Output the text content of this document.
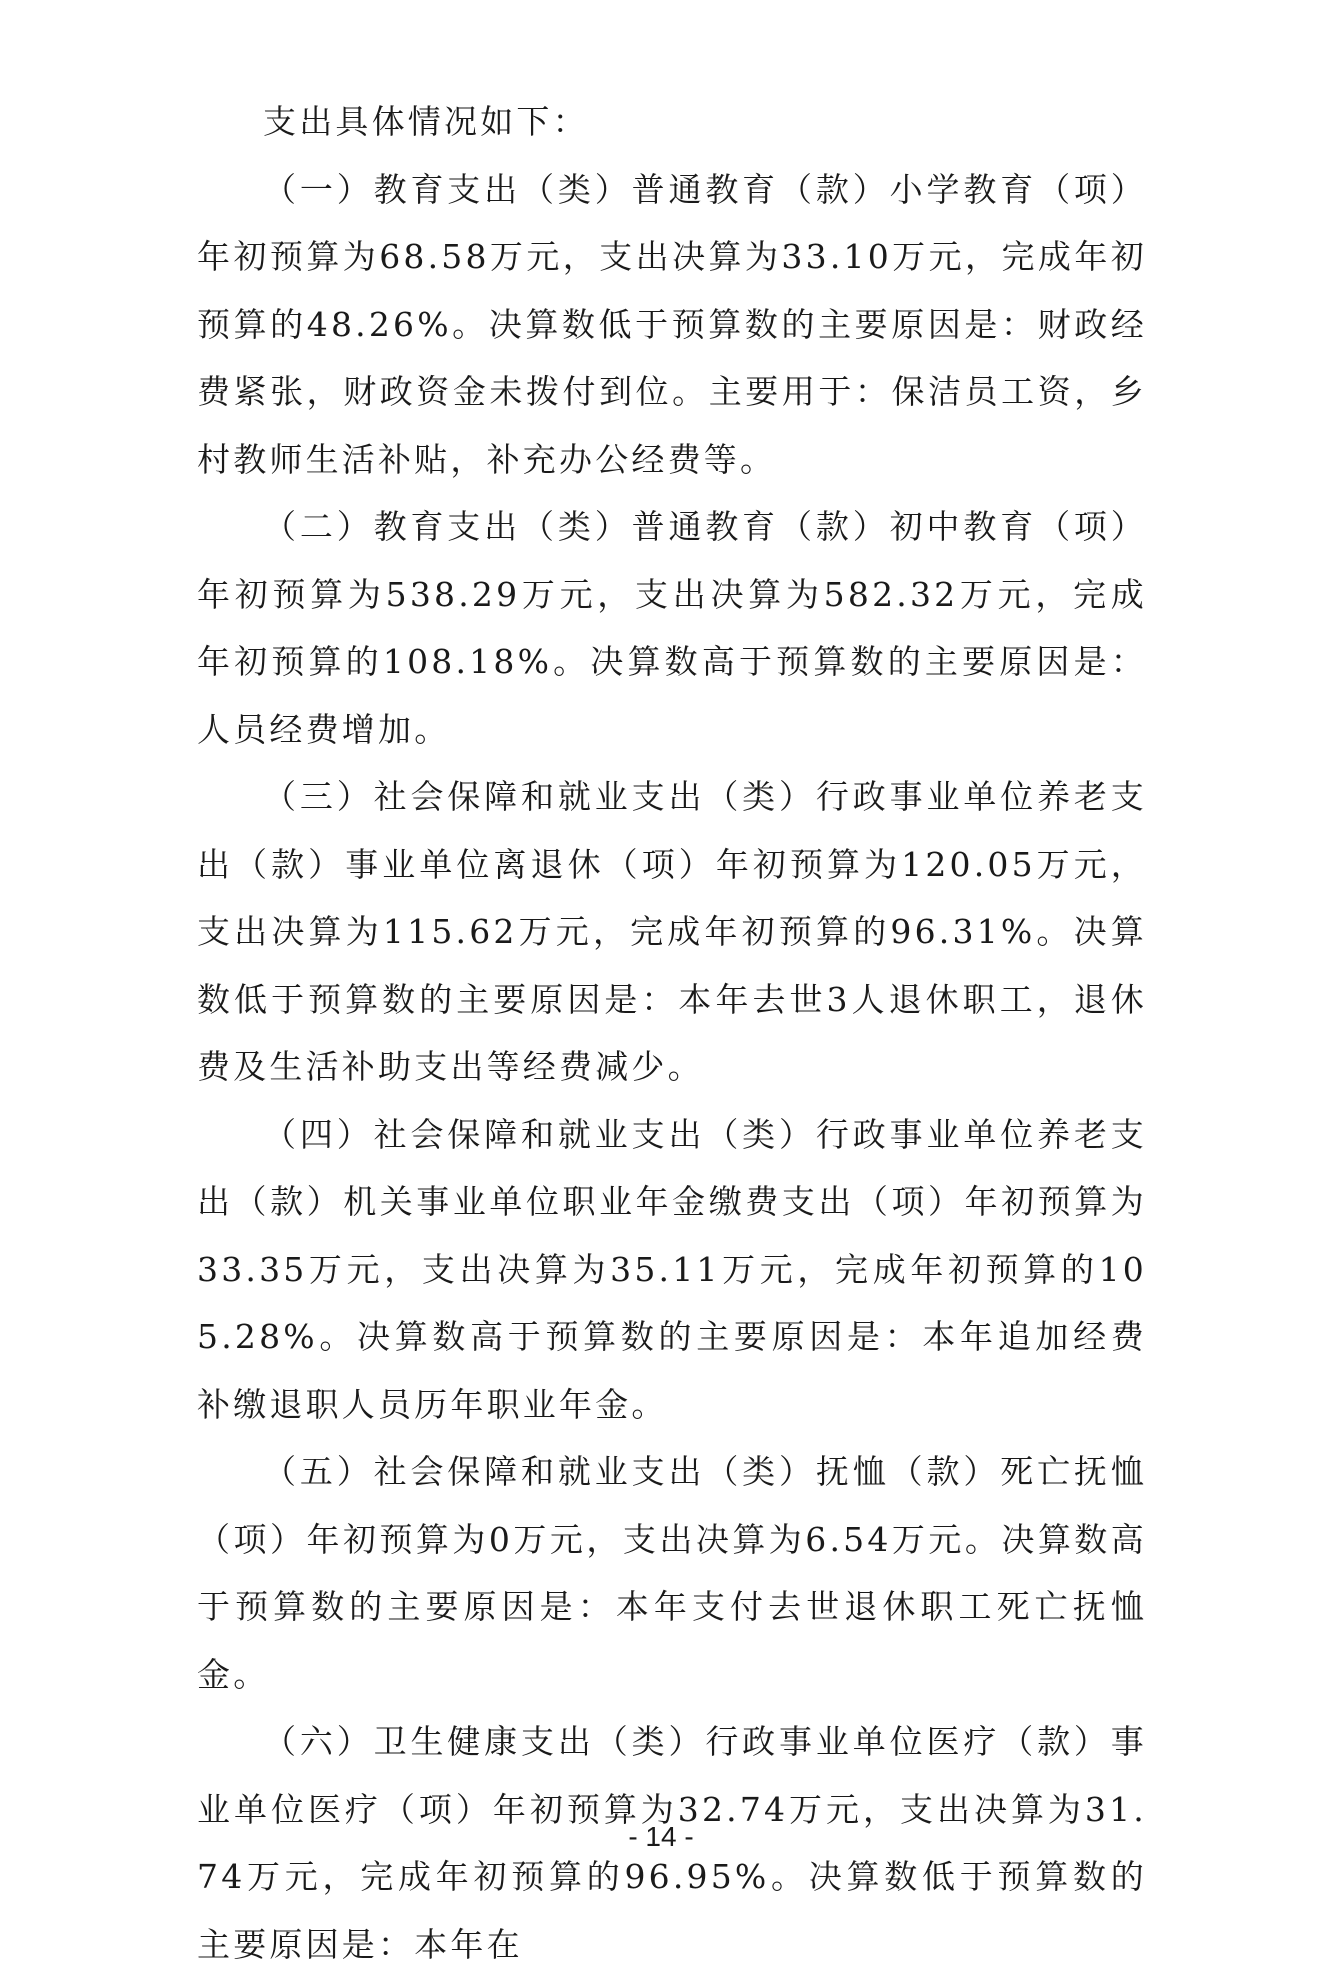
支出具体情况如下：

（一）教育支出（类）普通教育（款）小学教育（项）年初预算为68.58万元，支出决算为33.10万元，完成年初预算的48.26%。决算数低于预算数的主要原因是：财政经费紧张，财政资金未拨付到位。主要用于：保洁员工资，乡村教师生活补贴，补充办公经费等。

（二）教育支出（类）普通教育（款）初中教育（项）年初预算为538.29万元，支出决算为582.32万元，完成年初预算的108.18%。决算数高于预算数的主要原因是：人员经费增加。

（三）社会保障和就业支出（类）行政事业单位养老支出（款）事业单位离退休（项）年初预算为120.05万元，支出决算为115.62万元，完成年初预算的96.31%。决算数低于预算数的主要原因是：本年去世3人退休职工，退休费及生活补助支出等经费减少。

（四）社会保障和就业支出（类）行政事业单位养老支出（款）机关事业单位职业年金缴费支出（项）年初预算为33.35万元，支出决算为35.11万元，完成年初预算的105.28%。决算数高于预算数的主要原因是：本年追加经费补缴退职人员历年职业年金。

（五）社会保障和就业支出（类）抚恤（款）死亡抚恤（项）年初预算为0万元，支出决算为6.54万元。决算数高于预算数的主要原因是：本年支付去世退休职工死亡抚恤金。

（六）卫生健康支出（类）行政事业单位医疗（款）事业单位医疗（项）年初预算为32.74万元，支出决算为31.74万元，完成年初预算的96.95%。决算数低于预算数的主要原因是：本年在

- 14 -
